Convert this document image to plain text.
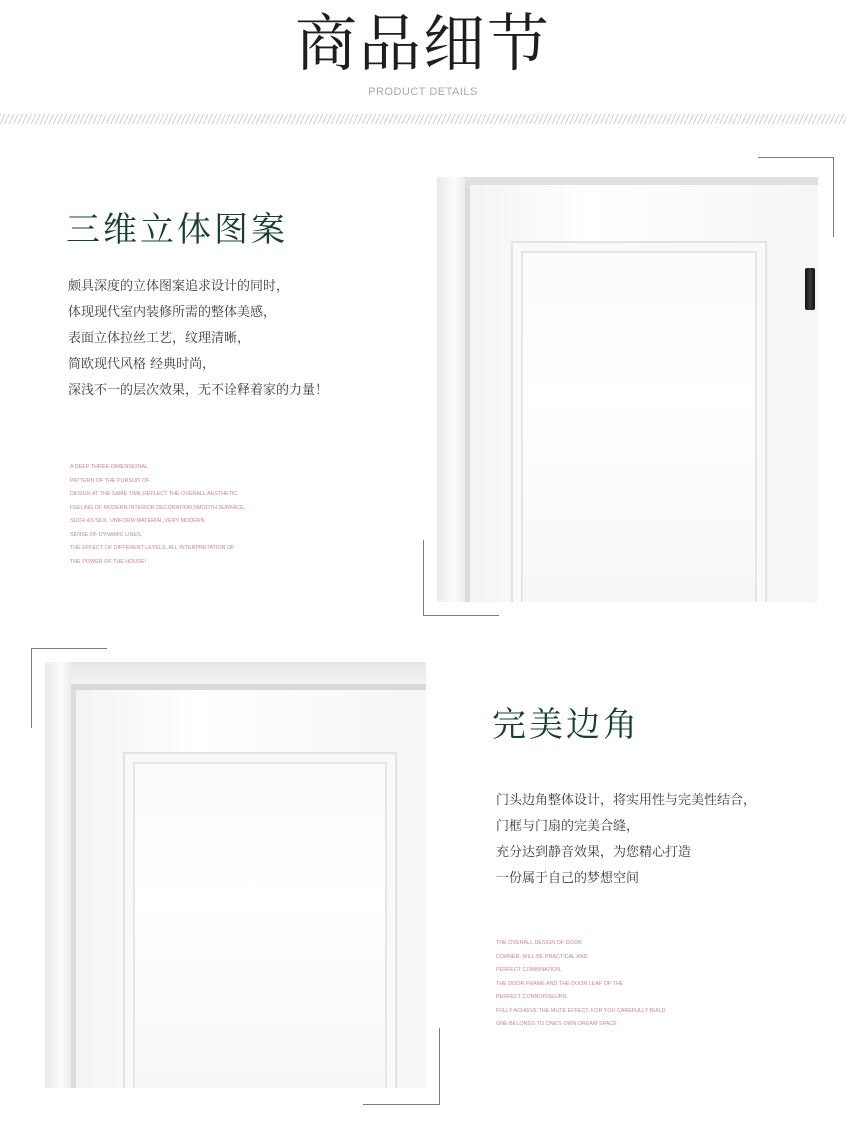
商品细节
PRODUCT DETAILS
三维立体图案
颇具深度的立体图案追求设计的同时，
体现现代室内装修所需的整体美感，
表面立体拉丝工艺，纹理清晰，
简欧现代风格 经典时尚，
深浅不一的层次效果，无不诠释着家的力量！
A DEEP THREE-DIMENSIONAL
PATTERN OF THE PURSUIT OF
DESIGN AT THE SAME TIME,REFLECT THE OVERALL AESTHETIC
FEELING OF MODERN INTERIOR DECORATION,SMOOTH SURFACE,
SUCH AS SILK, UNIFORM MATERIAL,VERY MODERN
SENSE OF DYNAMIC LINES,
THE EFFECT OF DIFFERENT LEVELS, ALL INTERPRETATION OF
THE POWER OF THE HOUSE!
完美边角
门头边角整体设计，将实用性与完美性结合，
门框与门扇的完美合缝，
充分达到静音效果，为您精心打造
一份属于自己的梦想空间
THE OVERALL DESIGN OF DOOR
CORNER, WILL BE PRACTICAL AND
PERFECT COMBINATION,
THE DOOR FRAME AND THE DOOR LEAF OF THE
PERFECT CONNOISSEURS,
FULLY ACHIEVE THE MUTE EFFECT, FOR YOU CAREFULLY BUILD
ONE BELONGS TO ONE'S OWN DREAM SPACE
